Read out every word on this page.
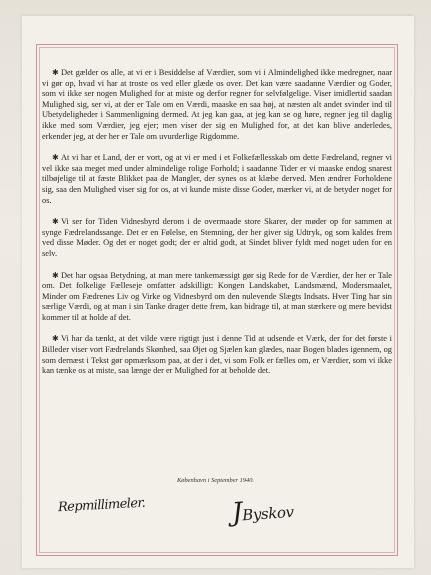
✱ Det gælder os alle, at vi er i Besiddelse af Værdier, som vi i Almindelighed ikke medregner, naar vi gør op, hvad vi har at troste os ved eller glæde os over. Det kan være saadanne Værdier og Goder, som vi ikke ser nogen Mulighed for at miste og derfor regner for selvfølgelige. Viser imidlertid saadan Mulighed sig, ser vi, at der er Tale om en Værdi, maaske en saa høj, at næsten alt andet svinder ind til Ubetydeligheder i Sammenligning dermed. At jeg kan gaa, at jeg kan se og høre, regner jeg til daglig ikke med som Værdier, jeg ejer; men viser der sig en Mulighed for, at det kan blive anderledes, erkender jeg, at der her er Tale om uvurderlige Rigdomme.

✱ At vi har et Land, der er vort, og at vi er med i et Folkefællesskab om dette Fædreland, regner vi vel ikke saa meget med under almindelige rolige Forhold; i saadanne Tider er vi maaske endog snarest tilbøjelige til at fæste Blikket paa de Mangler, der synes os at klæbe derved. Men ændrer Forholdene sig, saa den Mulighed viser sig for os, at vi kunde miste disse Goder, mærker vi, at de betyder noget for os.

✱ Vi ser for Tiden Vidnesbyrd derom i de overmaade store Skarer, der møder op for sammen at synge Fædrelandssange. Det er en Følelse, en Stemning, der her giver sig Udtryk, og som kaldes frem ved disse Møder. Og det er noget godt; der er altid godt, at Sindet bliver fyldt med noget uden for en selv.

✱ Det har ogsaa Betydning, at man mere tankemæssigt gør sig Rede for de Værdier, der her er Tale om. Det folkelige Fælleseje omfatter adskilligt: Kongen Landskabet, Landsmænd, Modersmaalet, Minder om Fædrenes Liv og Virke og Vidnesbyrd om den nulevende Slægts Indsats. Hver Ting har sin særlige Værdi, og at man i sin Tanke drager dette frem, kan bidrage til, at man stærkere og mere bevidst kommer til at holde af det.

✱ Vi har da tænkt, at det vilde være rigtigt just i denne Tid at udsende et Værk, der for det første i Billeder viser vort Fædrelands Skønhed, saa Øjet og Sjælen kan glædes, naar Bogen blades igennem, og som dernæst i Tekst gør opmærksom paa, at der i det, vi som Folk er fælles om, er Værdier, som vi ikke kan tænke os at miste, saa længe der er Mulighed for at beholde det.

København i September 1940.
Repmillimeler.	JByskov
